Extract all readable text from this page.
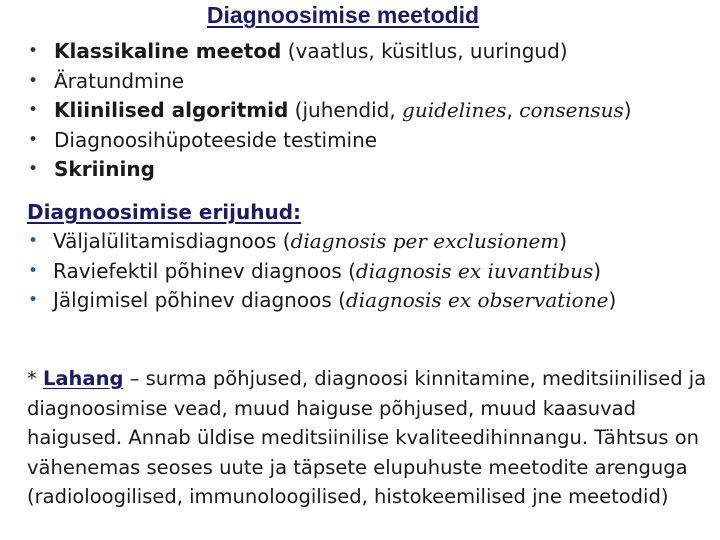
Diagnoosimise meetodid
• Klassikaline meetod (vaatlus, küsitlus, uuringud)
• Äratundmine
• Kliinilised algoritmid (juhendid, guidelines, consensus)
• Diagnoosihüpoteeside testimine
• Skriining
Diagnoosimise erijuhud:
• Väljalülitamisdiagnoos (diagnosis per exclusionem)
• Raviefektil põhinev diagnoos (diagnosis ex iuvantibus)
• Jälgimisel põhinev diagnoos (diagnosis ex observatione)
* Lahang – surma põhjused, diagnoosi kinnitamine, meditsiinilised ja diagnoosimise vead, muud haiguse põhjused, muud kaasuvad haigused. Annab üldise meditsiinilise kvaliteedihinnangu. Tähtsus on vähenemas seoses uute ja täpsete elupuhuste meetodite arenguga (radioloogilised, immunoloogilised, histokeemilised jne meetodid)
